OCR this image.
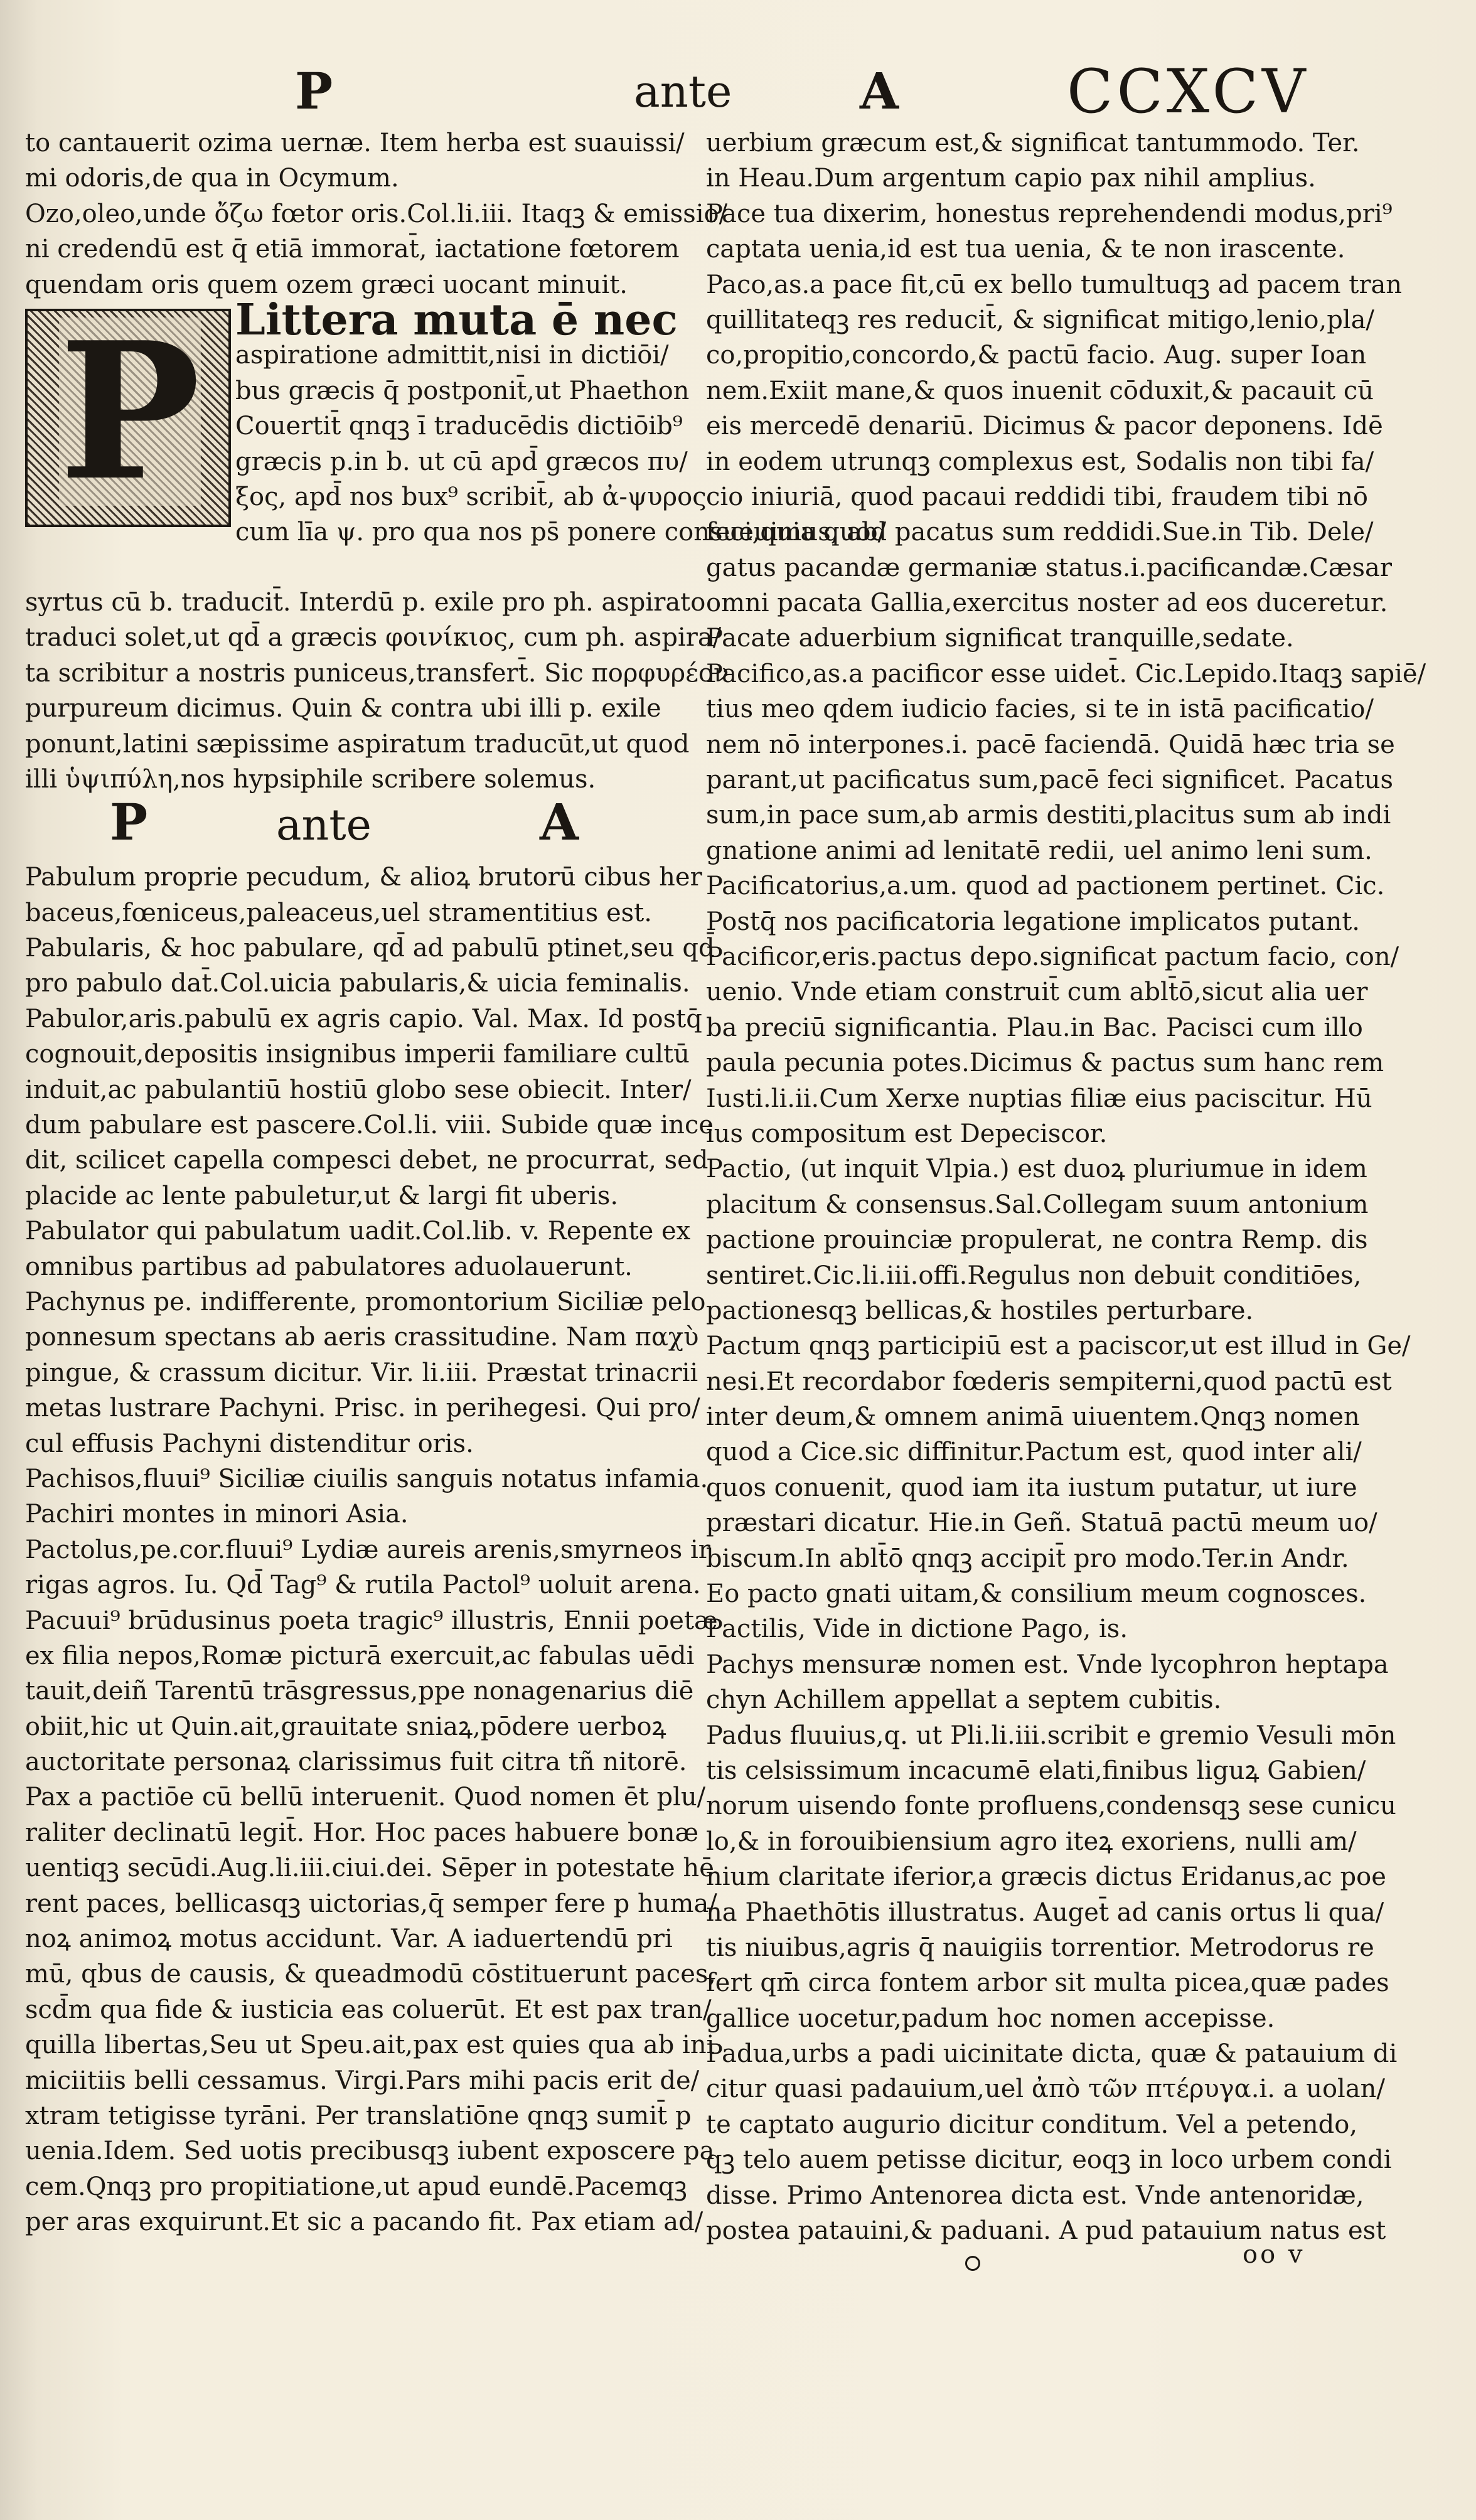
P	ante	A	CCXCV
to cantauerit ozima uernæ. Item herba est suauissi/
mi odoris,de qua in Ocymum.
Ozo,oleo,unde ὄζω fœtor oris.Col.li.iii. Itaqꝫ & emissio/
ni credendū est q̄ etiā immorat̄, iactatione fœtorem
quendam oris quem ozem græci uocant minuit.
P Littera muta ē nec
aspiratione admittit,nisi in dictiōi/
bus græcis q̄ postponit̄,ut Phaethon
Couertit̄ qnqꝫ ī traducēdis dictiōib⁹
græcis p.in b. ut cū apd̄ græcos πυ/
ξος, apd̄ nos bux⁹ scribit̄, ab ἀ-ψυρος
cum līa ψ. pro qua nos ps̄ ponere consueuimus, ab/
syrtus cū b. traducit̄. Interdū p. exile pro ph. aspirato
traduci solet,ut qd̄ a græcis φοινίκιος, cum ph. aspira/
ta scribitur a nostris puniceus,transfert̄. Sic πορφυρέον
purpureum dicimus. Quin & contra ubi illi p. exile
ponunt,latini sæpissime aspiratum traducūt,ut quod
illi ὑψιπύλη,nos hypsiphile scribere solemus.
P	ante	A
Pabulum proprie pecudum, & alioꝝ brutorū cibus her
baceus,fœniceus,paleaceus,uel stramentitius est.
Pabularis, & hoc pabulare, qd̄ ad pabulū ptinet,seu qd̄
pro pabulo dat̄.Col.uicia pabularis,& uicia feminalis.
Pabulor,aris.pabulū ex agris capio. Val. Max. Id postq̄
cognouit,depositis insignibus imperii familiare cultū
induit,ac pabulantiū hostiū globo sese obiecit. Inter/
dum pabulare est pascere.Col.li. viii. Subide quæ ince
dit, scilicet capella compesci debet, ne procurrat, sed
placide ac lente pabuletur,ut & largi fit uberis.
Pabulator qui pabulatum uadit.Col.lib. v. Repente ex
omnibus partibus ad pabulatores aduolauerunt.
Pachynus pe. indifferente, promontorium Siciliæ pelo
ponnesum spectans ab aeris crassitudine. Nam παχὺ
pingue, & crassum dicitur. Vir. li.iii. Præstat trinacrii
metas lustrare Pachyni. Prisc. in perihegesi. Qui pro/
cul effusis Pachyni distenditur oris.
Pachisos,fluui⁹ Siciliæ ciuilis sanguis notatus infamia.
Pachiri montes in minori Asia.
Pactolus,pe.cor.fluui⁹ Lydiæ aureis arenis,smyrneos ir
rigas agros. Iu. Qd̄ Tag⁹ & rutila Pactol⁹ uoluit arena.
Pacuui⁹ brūdusinus poeta tragic⁹ illustris, Ennii poetæ
ex filia nepos,Romæ picturā exercuit,ac fabulas uēdi
tauit,deiñ Tarentū trāsgressus,ppe nonagenarius diē
obiit,hic ut Quin.ait,grauitate sniaꝝ,pōdere uerboꝝ
auctoritate personaꝝ clarissimus fuit citra tñ nitorē.
Pax a pactiōe cū bellū interuenit. Quod nomen ēt plu/
raliter declinatū legit̄. Hor. Hoc paces habuere bonæ
uentiqꝫ secūdi.Aug.li.iii.ciui.dei. Sēper in potestate hē
rent paces, bellicasqꝫ uictorias,q̄ semper fere p huma/
noꝝ animoꝝ motus accidunt. Var. A iaduertendū pri
mū, qbus de causis, & queadmodū cōstituerunt paces,
scd̄m qua fide & iusticia eas coluerūt. Et est pax tran/
quilla libertas,Seu ut Speu.ait,pax est quies qua ab ini
miciitiis belli cessamus. Virgi.Pars mihi pacis erit de/
xtram tetigisse tyrāni. Per translatiōne qnqꝫ sumit̄ p
uenia.Idem. Sed uotis precibusqꝫ iubent exposcere pa
cem.Qnqꝫ pro propitiatione,ut apud eundē.Pacemqꝫ
per aras exquirunt.Et sic a pacando fit. Pax etiam ad/
uerbium græcum est,& significat tantummodo. Ter.
in Heau.Dum argentum capio pax nihil amplius.
Pace tua dixerim, honestus reprehendendi modus,pri⁹
captata uenia,id est tua uenia, & te non irascente.
Paco,as.a pace fit,cū ex bello tumultuqꝫ ad pacem tran
quillitateqꝫ res reducit̄, & significat mitigo,lenio,pla/
co,propitio,concordo,& pactū facio. Aug. super Ioan
nem.Exiit mane,& quos inuenit cōduxit,& pacauit cū
eis mercedē denariū. Dicimus & pacor deponens. Idē
in eodem utrunqꝫ complexus est, Sodalis non tibi fa/
cio iniuriā, quod pacaui reddidi tibi, fraudem tibi nō
feci,quia quod pacatus sum reddidi.Sue.in Tib. Dele/
gatus pacandæ germaniæ status.i.pacificandæ.Cæsar
omni pacata Gallia,exercitus noster ad eos duceretur.
Pacate aduerbium significat tranquille,sedate.
Pacifico,as.a pacificor esse uidet̄. Cic.Lepido.Itaqꝫ sapiē/
tius meo qdem iudicio facies, si te in istā pacificatio/
nem nō interpones.i. pacē faciendā. Quidā hæc tria se
parant,ut pacificatus sum,pacē feci significet. Pacatus
sum,in pace sum,ab armis destiti,placitus sum ab indi
gnatione animi ad lenitatē redii, uel animo leni sum.
Pacificatorius,a.um. quod ad pactionem pertinet. Cic.
Postq̄ nos pacificatoria legatione implicatos putant.
Pacificor,eris.pactus depo.significat pactum facio, con/
uenio. Vnde etiam construit̄ cum ablt̄ō,sicut alia uer
ba preciū significantia. Plau.in Bac. Pacisci cum illo
paula pecunia potes.Dicimus & pactus sum hanc rem
Iusti.li.ii.Cum Xerxe nuptias filiæ eius paciscitur. Hū
ius compositum est Depeciscor.
Pactio, (ut inquit Vlpia.) est duoꝝ pluriumue in idem
placitum & consensus.Sal.Collegam suum antonium
pactione prouinciæ propulerat, ne contra Remp. dis
sentiret.Cic.li.iii.offi.Regulus non debuit conditiōes,
pactionesqꝫ bellicas,& hostiles perturbare.
Pactum qnqꝫ participiū est a paciscor,ut est illud in Ge/
nesi.Et recordabor fœderis sempiterni,quod pactū est
inter deum,& omnem animā uiuentem.Qnqꝫ nomen
quod a Cice.sic diffinitur.Pactum est, quod inter ali/
quos conuenit, quod iam ita iustum putatur, ut iure
præstari dicatur. Hie.in Geñ. Statuā pactū meum uo/
biscum.In ablt̄ō qnqꝫ accipit̄ pro modo.Ter.in Andr.
Eo pacto gnati uitam,& consilium meum cognosces.
Pactilis, Vide in dictione Pago, is.
Pachys mensuræ nomen est. Vnde lycophron heptapa
chyn Achillem appellat a septem cubitis.
Padus fluuius,q. ut Pli.li.iii.scribit e gremio Vesuli mōn
tis celsissimum incacumē elati,finibus liguꝝ Gabien/
norum uisendo fonte profluens,condensqꝫ sese cunicu
lo,& in forouibiensium agro iteꝝ exoriens, nulli am/
nium claritate iferior,a græcis dictus Eridanus,ac poe
na Phaethōtis illustratus. Auget̄ ad canis ortus li qua/
tis niuibus,agris q̄ nauigiis torrentior. Metrodorus re
fert qm̄ circa fontem arbor sit multa picea,quæ pades
gallice uocetur,padum hoc nomen accepisse.
Padua,urbs a padi uicinitate dicta, quæ & patauium di
citur quasi padauium,uel ἀπὸ τῶν πτέρυγα.i. a uolan/
te captato augurio dicitur conditum. Vel a petendo,
qꝫ telo auem petisse dicitur, eoqꝫ in loco urbem condi
disse. Primo Antenorea dicta est. Vnde antenoridæ,
postea patauini,& paduani. A pud patauium natus est
oo v
